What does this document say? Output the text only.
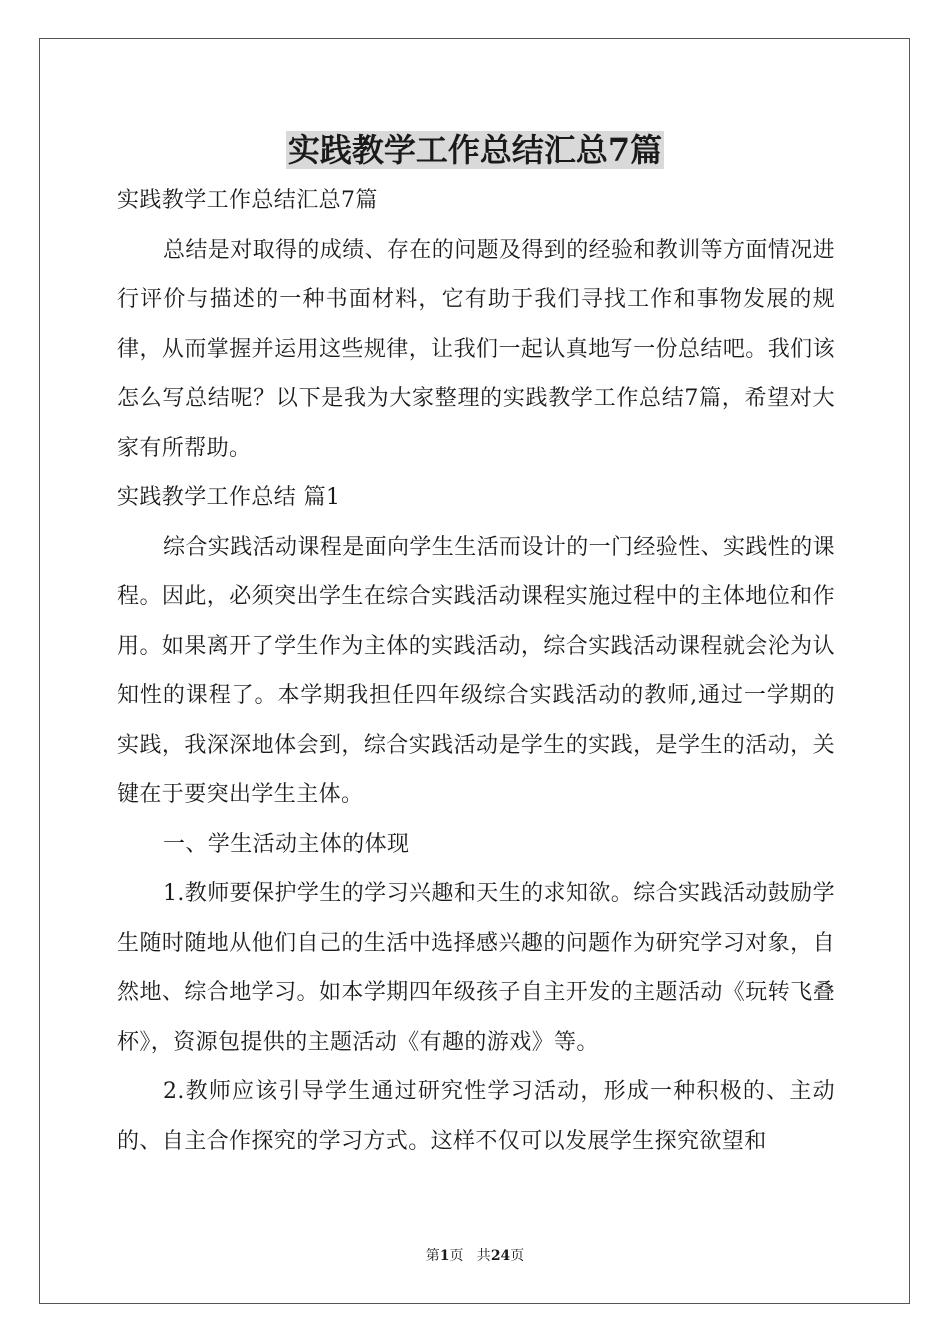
实践教学工作总结汇总7篇

实践教学工作总结汇总7篇

总结是对取得的成绩、存在的问题及得到的经验和教训等方面情况进行评价与描述的一种书面材料，它有助于我们寻找工作和事物发展的规律，从而掌握并运用这些规律，让我们一起认真地写一份总结吧。我们该怎么写总结呢？以下是我为大家整理的实践教学工作总结7篇，希望对大家有所帮助。

实践教学工作总结 篇1

综合实践活动课程是面向学生生活而设计的一门经验性、实践性的课程。因此，必须突出学生在综合实践活动课程实施过程中的主体地位和作用。如果离开了学生作为主体的实践活动，综合实践活动课程就会沦为认知性的课程了。本学期我担任四年级综合实践活动的教师,通过一学期的实践，我深深地体会到，综合实践活动是学生的实践，是学生的活动，关键在于要突出学生主体。

一、学生活动主体的体现

1.教师要保护学生的学习兴趣和天生的求知欲。综合实践活动鼓励学生随时随地从他们自己的生活中选择感兴趣的问题作为研究学习对象，自然地、综合地学习。如本学期四年级孩子自主开发的主题活动《玩转飞叠杯》，资源包提供的主题活动《有趣的游戏》等。

2.教师应该引导学生通过研究性学习活动，形成一种积极的、主动的、自主合作探究的学习方式。这样不仅可以发展学生探究欲望和

第1页   共24页
